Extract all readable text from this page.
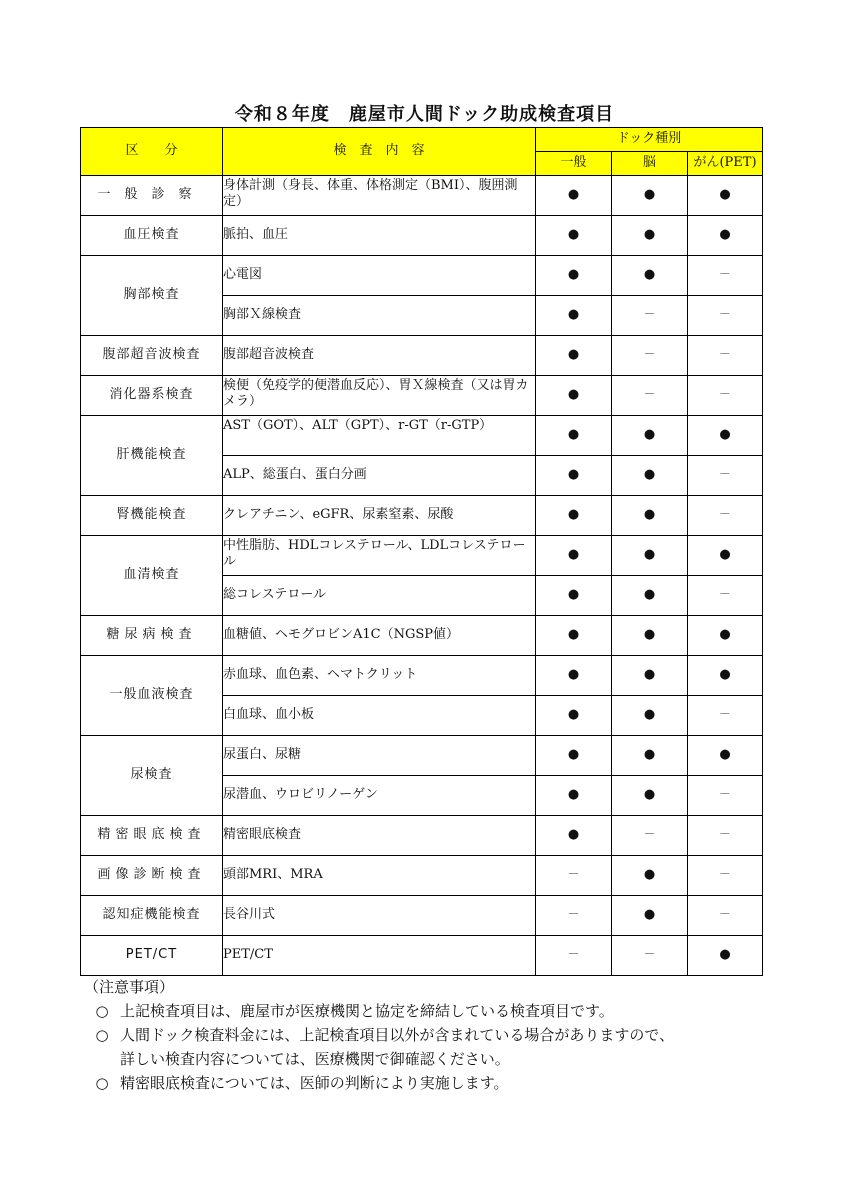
令和８年度　鹿屋市人間ドック助成検査項目
区　　分	検　査　内　容	ドック種別		
		一般	脳	がん(PET)
一般診察	身体計測（身長、体重、体格測定（BMI）、腹囲測定）	●	●	●
血圧検査	脈拍、血圧	●	●	●
胸部検査	心電図	●	●	－
	胸部Ｘ線検査	●	－	－
腹部超音波検査	腹部超音波検査	●	－	－
消化器系検査	検便（免疫学的便潜血反応）、胃Ｘ線検査（又は胃カメラ）	●	－	－
肝機能検査	AST（GOT）、ALT（GPT）、r-GT（r-GTP）	●	●	●
	ALP、総蛋白、蛋白分画	●	●	－
腎機能検査	クレアチニン、eGFR、尿素窒素、尿酸	●	●	－
血清検査	中性脂肪、HDLコレステロール、LDLコレステロール	●	●	●
	総コレステロール	●	●	－
糖尿病検査	血糖値、ヘモグロビンA1C（NGSP値）	●	●	●
一般血液検査	赤血球、血色素、ヘマトクリット	●	●	●
	白血球、血小板	●	●	－
尿検査	尿蛋白、尿糖	●	●	●
	尿潜血、ウロビリノーゲン	●	●	－
精密眼底検査	精密眼底検査	●	－	－
画像診断検査	頭部MRI、MRA	－	●	－
認知症機能検査	長谷川式	－	●	－
PET/CT	PET/CT	－	－	●
（注意事項）
○ 上記検査項目は、鹿屋市が医療機関と協定を締結している検査項目です。
○ 人間ドック検査料金には、上記検査項目以外が含まれている場合がありますので、
詳しい検査内容については、医療機関で御確認ください。
○ 精密眼底検査については、医師の判断により実施します。
